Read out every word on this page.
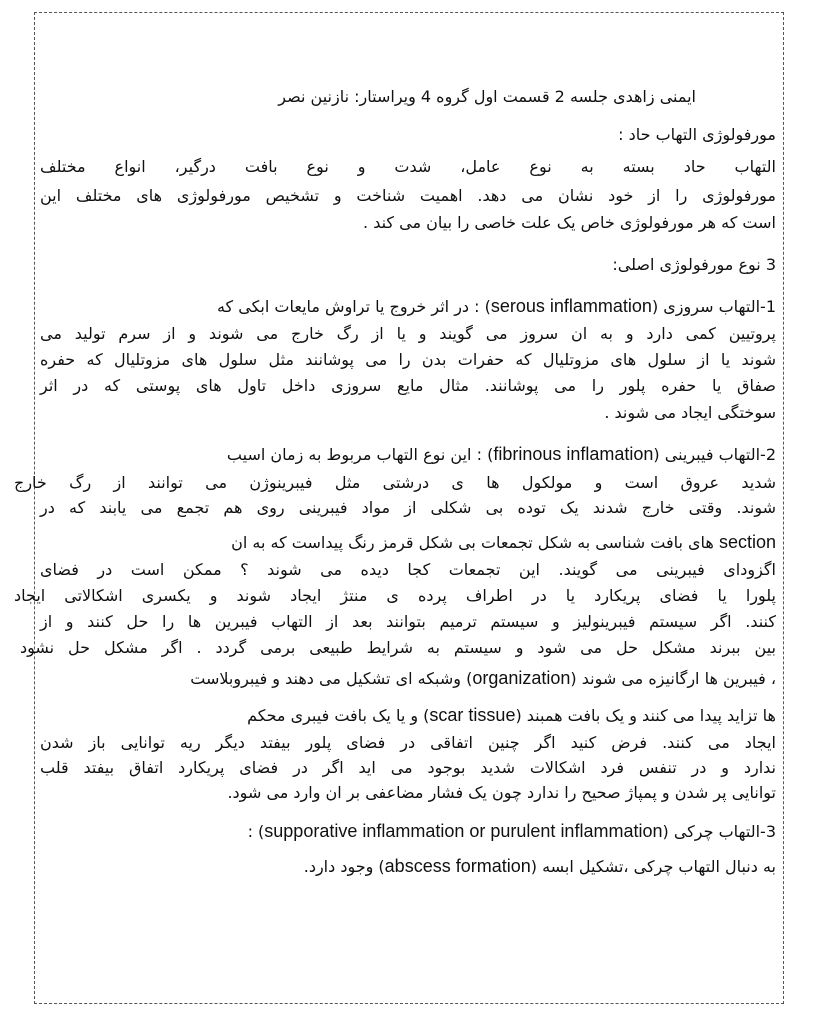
ایمنی زاهدی جلسه 2 قسمت اول گروه 4 ویراستار: نازنین نصر
مورفولوژی التهاب حاد :
التهاب حاد بسته به نوع عامل، شدت و نوع بافت درگیر، انواع مختلف
مورفولوژی را از خود نشان می دهد. اهمیت شناخت و تشخیص مورفولوژی های مختلف این
است که هر مورفولوژی خاص یک علت خاصی را بیان می کند .
3 نوع مورفولوژی اصلی:
1-التهاب سروزی (serous inflammation) : در اثر خروج یا تراوش مایعات ابکی که
پروتیین کمی دارد و به ان سروز می گویند و یا از رگ خارج می شوند و از سرم تولید می
شوند یا از سلول های مزوتلیال که حفرات بدن را می پوشانند مثل سلول های مزوتلیال که حفره
صفاق یا حفره پلور را می پوشانند. مثال مایع سروزی داخل تاول های پوستی که در اثر
سوختگی ایجاد می شوند .
2-التهاب فیبرینی (fibrinous inflamation) : این نوع التهاب مربوط به زمان اسیب
شدید عروق است و مولکول ها ی درشتی مثل فیبرینوژن می توانند از رگ خارج
شوند. وقتی خارج شدند یک توده بی شکلی از مواد فیبرینی روی هم تجمع می یابند که در
section های بافت شناسی به شکل تجمعات بی شکل قرمز رنگ پیداست که به ان
اگزودای فیبرینی می گویند. این تجمعات کجا دیده می شوند ؟ ممکن است در فضای
پلورا یا فضای پریکارد یا در اطراف پرده ی منتژ ایجاد شوند و یکسری اشکالاتی ایجاد
کنند. اگر سیستم فیبرینولیز و سیستم ترمیم بتوانند بعد از التهاب فیبرین ها را حل کنند و از
بین ببرند مشکل حل می شود و سیستم به شرایط طبیعی برمی گردد . اگر مشکل حل نشود
، فیبرین ها ارگانیزه می شوند (organization) وشبکه ای تشکیل می دهند و فیبروبلاست
ها تزاید پیدا می کنند و یک بافت همبند (scar tissue) و یا یک بافت فیبری محکم
ایجاد می کنند. فرض کنید اگر چنین اتفاقی در فضای پلور بیفتد دیگر ریه توانایی باز شدن
ندارد و در تنفس فرد اشکالات شدید بوجود می اید اگر در فضای پریکارد اتفاق بیفتد قلب
توانایی پر شدن و پمپاژ صحیح را ندارد چون یک فشار مضاعفی بر ان وارد می شود.
3-التهاب چرکی (supporative inflammation or purulent inflammation) :
به دنبال التهاب چرکی ،تشکیل ابسه (abscess formation) وجود دارد.
